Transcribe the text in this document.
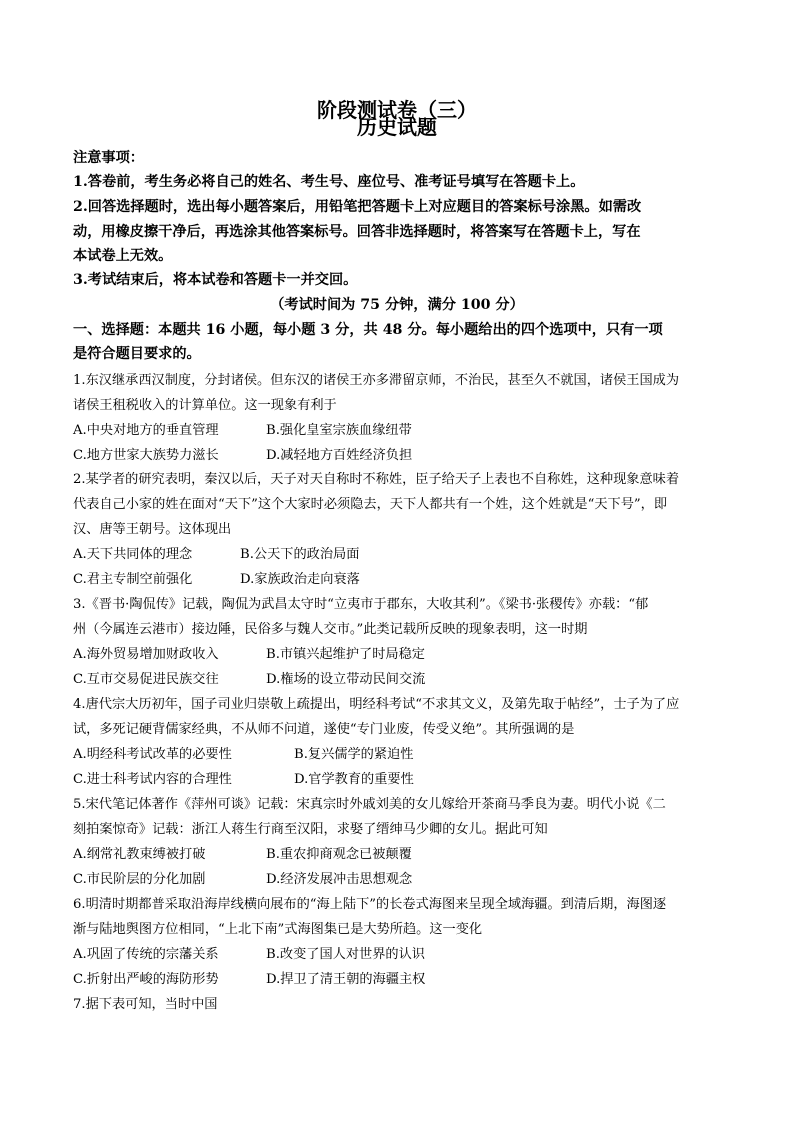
阶段测试卷（三）
历史试题

注意事项：

1.答卷前，考生务必将自己的姓名、考生号、座位号、准考证号填写在答题卡上。

2.回答选择题时，选出每小题答案后，用铅笔把答题卡上对应题目的答案标号涂黑。如需改

动，用橡皮擦干净后，再选涂其他答案标号。回答非选择题时，将答案写在答题卡上，写在

本试卷上无效。

3.考试结束后，将本试卷和答题卡一并交回。

（考试时间为 75 分钟，满分 100 分）

一、选择题：本题共 16 小题，每小题 3 分，共 48 分。每小题给出的四个选项中，只有一项

是符合题目要求的。

1.东汉继承西汉制度，分封诸侯。但东汉的诸侯王亦多滞留京师，不治民，甚至久不就国，诸侯王国成为

诸侯王租税收入的计算单位。这一现象有利于

A.中央对地方的垂直管理	B.强化皇室宗族血缘纽带
C.地方世家大族势力滋长	D.减轻地方百姓经济负担

2.某学者的研究表明，秦汉以后，天子对天自称时不称姓，臣子给天子上表也不自称姓，这种现象意味着

代表自己小家的姓在面对“天下”这个大家时必须隐去，天下人都共有一个姓，这个姓就是“天下号”，即

汉、唐等王朝号。这体现出

A.天下共同体的理念	B.公天下的政治局面
C.君主专制空前强化	D.家族政治走向衰落

3.《晋书·陶侃传》记载，陶侃为武昌太守时“立夷市于郡东，大收其利”。《梁书·张稷传》亦载：“郁

州（今属连云港市）接边陲，民俗多与魏人交市。”此类记载所反映的现象表明，这一时期

A.海外贸易增加财政收入	B.市镇兴起维护了时局稳定
C.互市交易促进民族交往	D.権场的设立带动民间交流

4.唐代宗大历初年，国子司业归崇敬上疏提出，明经科考试“不求其文义，及第先取于帖经”，士子为了应

试，多死记硬背儒家经典，不从师不问道，遂使“专门业废，传受义绝”。其所强调的是

A.明经科考试改革的必要性	B.复兴儒学的紧迫性
C.进士科考试内容的合理性	D.官学教育的重要性

5.宋代笔记体著作《萍州可谈》记载：宋真宗时外戚刘美的女儿嫁给开茶商马季良为妻。明代小说《二

刻拍案惊奇》记载：浙江人蒋生行商至汉阳，求娶了缙绅马少卿的女儿。据此可知

A.纲常礼教束缚被打破	B.重农抑商观念已被颠覆
C.市民阶层的分化加剧	D.经济发展冲击思想观念

6.明清时期都普采取沿海岸线横向展布的“海上陆下”的长卷式海图来呈现全域海疆。到清后期，海图逐

渐与陆地舆图方位相同，“上北下南”式海图集已是大势所趋。这一变化

A.巩固了传统的宗藩关系	B.改变了国人对世界的认识
C.折射出严峻的海防形势	D.捍卫了清王朝的海疆主权

7.据下表可知，当时中国
